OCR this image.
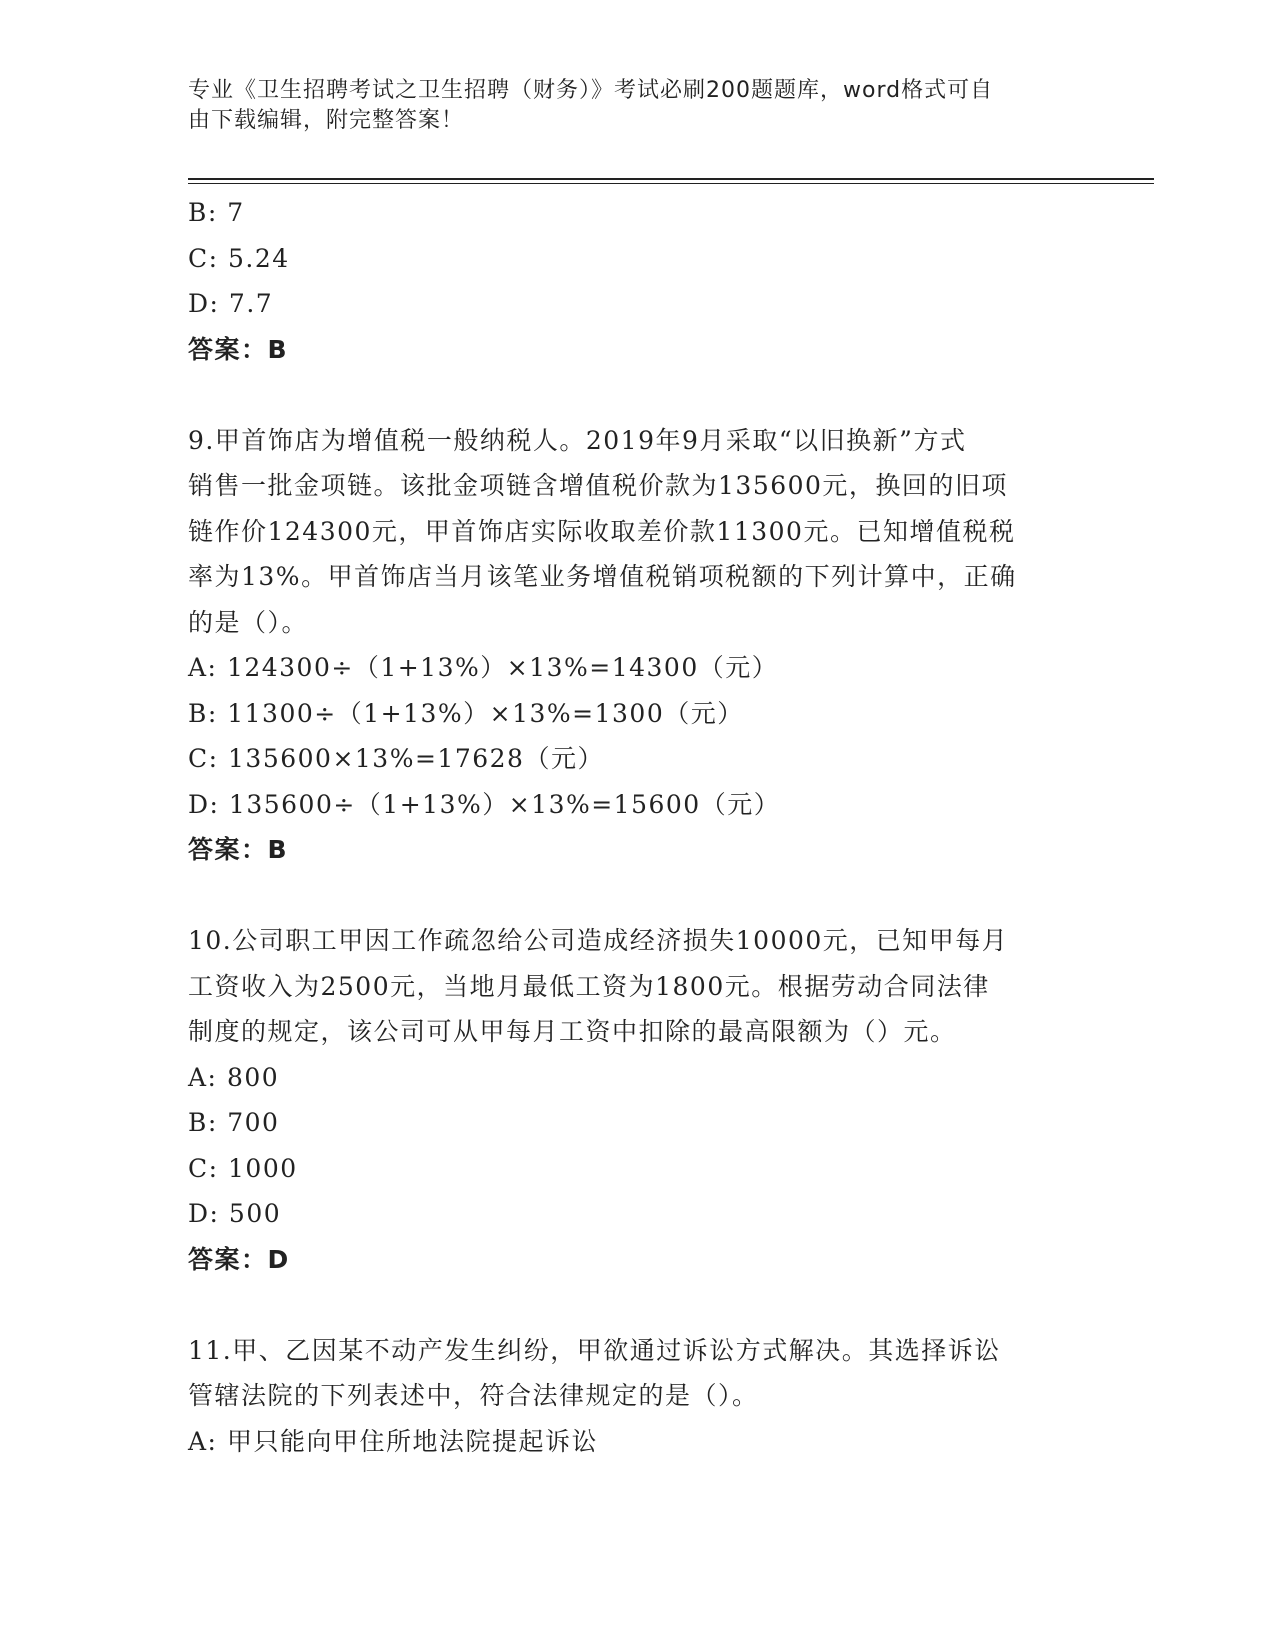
专业《卫生招聘考试之卫生招聘（财务）》考试必刷200题题库，word格式可自
由下载编辑，附完整答案！
B: 7
C: 5.24
D: 7.7
答案：B
9.甲首饰店为增值税一般纳税人。2019年9月采取“以旧换新”方式
销售一批金项链。该批金项链含增值税价款为135600元，换回的旧项
链作价124300元，甲首饰店实际收取差价款11300元。已知增值税税
率为13%。甲首饰店当月该笔业务增值税销项税额的下列计算中，正确
的是（）。
A: 124300÷（1+13%）×13%=14300（元）
B: 11300÷（1+13%）×13%=1300（元）
C: 135600×13%=17628（元）
D: 135600÷（1+13%）×13%=15600（元）
答案：B
10.公司职工甲因工作疏忽给公司造成经济损失10000元，已知甲每月
工资收入为2500元，当地月最低工资为1800元。根据劳动合同法律
制度的规定，该公司可从甲每月工资中扣除的最高限额为（）元。
A: 800
B: 700
C: 1000
D: 500
答案：D
11.甲、乙因某不动产发生纠纷，甲欲通过诉讼方式解决。其选择诉讼
管辖法院的下列表述中，符合法律规定的是（）。
A: 甲只能向甲住所地法院提起诉讼
